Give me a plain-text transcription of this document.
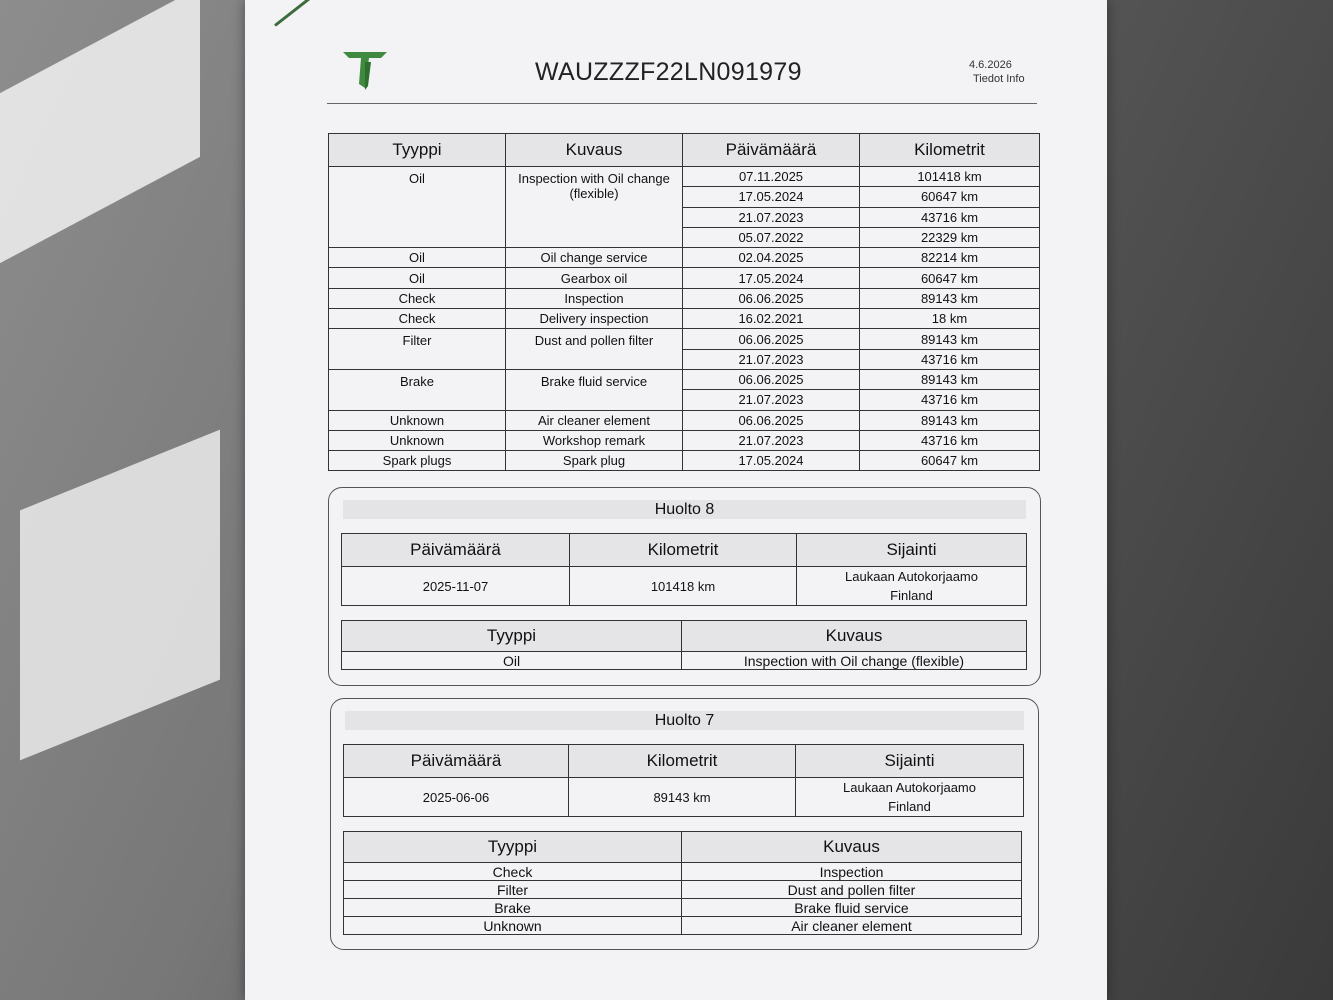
WAUZZZF22LN091979	4.6.2026
Tiedot Info
Tyyppi	Kuvaus	Päivämäärä	Kilometrit
Oil	Inspection with Oil change (flexible)	07.11.2025	101418 km
		17.05.2024	60647 km
		21.07.2023	43716 km
		05.07.2022	22329 km
Oil	Oil change service	02.04.2025	82214 km
Oil	Gearbox oil	17.05.2024	60647 km
Check	Inspection	06.06.2025	89143 km
Check	Delivery inspection	16.02.2021	18 km
Filter	Dust and pollen filter	06.06.2025	89143 km
		21.07.2023	43716 km
Brake	Brake fluid service	06.06.2025	89143 km
		21.07.2023	43716 km
Unknown	Air cleaner element	06.06.2025	89143 km
Unknown	Workshop remark	21.07.2023	43716 km
Spark plugs	Spark plug	17.05.2024	60647 km
Huolto 8
Päivämäärä	Kilometrit	Sijainti
2025-11-07	101418 km	Laukaan Autokorjaamo
Finland
Tyyppi	Kuvaus
Oil	Inspection with Oil change (flexible)
Huolto 7
Päivämäärä	Kilometrit	Sijainti
2025-06-06	89143 km	Laukaan Autokorjaamo
Finland
Tyyppi	Kuvaus
Check	Inspection
Filter	Dust and pollen filter
Brake	Brake fluid service
Unknown	Air cleaner element
